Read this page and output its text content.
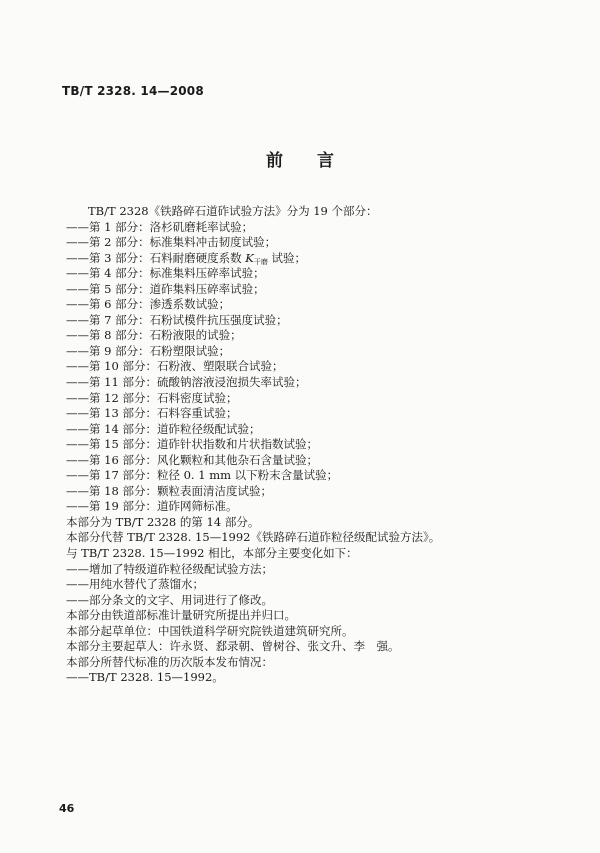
TB/T 2328. 14—2008
前 言
TB/T 2328《铁路碎石道砟试验方法》分为 19 个部分：
——第 1 部分：洛杉矶磨耗率试验；
——第 2 部分：标准集料冲击韧度试验；
——第 3 部分：石料耐磨硬度系数 $K_{干磨}$ 试验；
——第 4 部分：标准集料压碎率试验；
——第 5 部分：道砟集料压碎率试验；
——第 6 部分：渗透系数试验；
——第 7 部分：石粉试模件抗压强度试验；
——第 8 部分：石粉液限的试验；
——第 9 部分：石粉塑限试验；
——第 10 部分：石粉液、塑限联合试验；
——第 11 部分：硫酸钠溶液浸泡损失率试验；
——第 12 部分：石料密度试验；
——第 13 部分：石料容重试验；
——第 14 部分：道砟粒径级配试验；
——第 15 部分：道砟针状指数和片状指数试验；
——第 16 部分：风化颗粒和其他杂石含量试验；
——第 17 部分：粒径 0. 1 mm 以下粉末含量试验；
——第 18 部分：颗粒表面清洁度试验；
——第 19 部分：道砟网筛标准。
本部分为 TB/T 2328 的第 14 部分。
本部分代替 TB/T 2328. 15—1992《铁路碎石道砟粒径级配试验方法》。
与 TB/T 2328. 15—1992 相比，本部分主要变化如下：
——增加了特级道砟粒径级配试验方法；
——用纯水替代了蒸馏水；
——部分条文的文字、用词进行了修改。
本部分由铁道部标准计量研究所提出并归口。
本部分起草单位：中国铁道科学研究院铁道建筑研究所。
本部分主要起草人：许永贤、郄录朝、曾树谷、张文升、李　强。
本部分所替代标准的历次版本发布情况：
——TB/T 2328. 15—1992。
46
